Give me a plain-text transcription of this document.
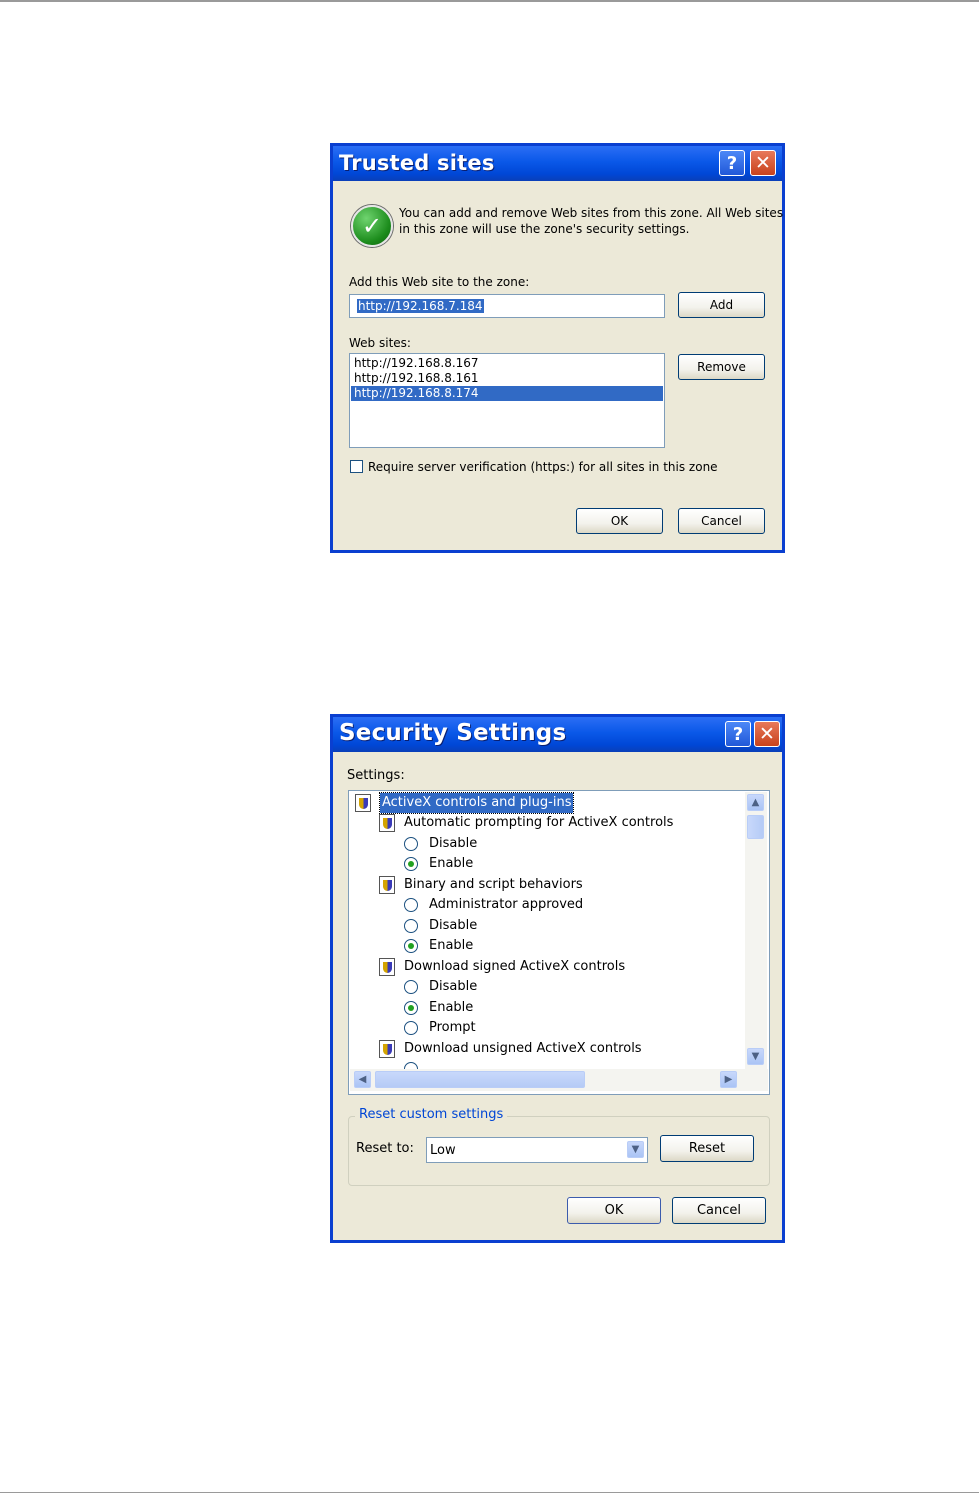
Trusted sites	? ✕
✓	You can add and remove Web sites from this zone. All Web sites
in this zone will use the zone's security settings.
Add this Web site to the zone:
http://192.168.7.184	Add
Web sites:
http://192.168.8.167
http://192.168.8.161
http://192.168.8.174
Remove
Require server verification (https:) for all sites in this zone
OK	Cancel
Security Settings	? ✕
Settings:
ActiveX controls and plug-ins
Automatic prompting for ActiveX controls
Disable
Enable
Binary and script behaviors
Administrator approved
Disable
Enable
Download signed ActiveX controls
Disable
Enable
Prompt
Download unsigned ActiveX controls
▲
▼
◀	▶
Reset custom settings
Reset to: Low	▼	Reset
OK	Cancel
